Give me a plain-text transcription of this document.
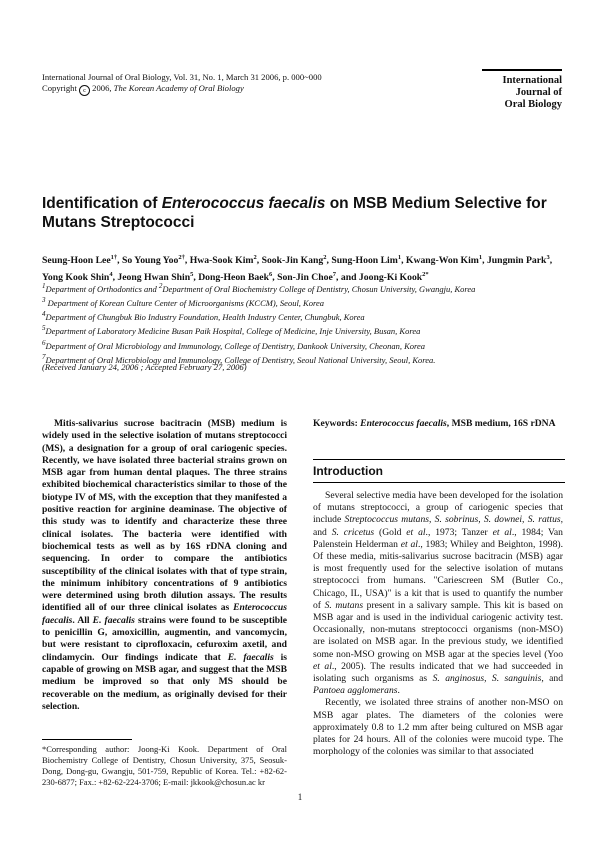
International Journal of Oral Biology, Vol. 31, No. 1, March 31 2006, p. 000~000
Copyright c 2006, The Korean Academy of Oral Biology
International
Journal of
Oral Biology
Identification of Enterococcus faecalis on MSB Medium Selective for Mutans Streptococci
Seung-Hoon Lee$^{1\dagger}$, So Young Yoo$^{2\dagger}$, Hwa-Sook Kim$^2$, Sook-Jin Kang$^2$, Sung-Hoon Lim$^1$, Kwang-Won Kim$^1$, Jungmin Park$^3$, Yong Kook Shin$^4$, Jeong Hwan Shin$^5$, Dong-Heon Baek$^6$, Son-Jin Choe$^7$, and Joong-Ki Kook$^{2*}$
$^1$Department of Orthodontics and $^2$Department of Oral Biochemistry College of Dentistry, Chosun University, Gwangju, Korea
$^3$ Department of Korean Culture Center of Microorganisms (KCCM), Seoul, Korea
$^4$Department of Chungbuk Bio Industry Foundation, Health Industry Center, Chungbuk, Korea
$^5$Department of Laboratory Medicine Busan Paik Hospital, College of Medicine, Inje University, Busan, Korea
$^6$Department of Oral Microbiology and Immunology, College of Dentistry, Dankook University, Cheonan, Korea
$^7$Department of Oral Microbiology and Immunology, College of Dentistry, Seoul National University, Seoul, Korea.
(Received January 24, 2006 ; Accepted February 27, 2006)
Mitis-salivarius sucrose bacitracin (MSB) medium is widely used in the selective isolation of mutans streptococci (MS), a designation for a group of oral cariogenic species. Recently, we have isolated three bacterial strains grown on MSB agar from human dental plaques. The three strains exhibited biochemical characteristics similar to those of the biotype IV of MS, with the exception that they manifested a positive reaction for arginine deaminase. The objective of this study was to identify and characterize these three clinical isolates. The bacteria were identified with biochemical tests as well as by 16S rDNA cloning and sequencing. In order to compare the antibiotics susceptibility of the clinical isolates with that of type strain, the minimum inhibitory concentrations of 9 antibiotics were determined using broth dilution assays. The results identified all of our three clinical isolates as Enterococcus faecalis. All E. faecalis strains were found to be susceptible to penicillin G, amoxicillin, augmentin, and vancomycin, but were resistant to ciprofloxacin, cefuroxim axetil, and clindamycin. Our findings indicate that E. faecalis is capable of growing on MSB agar, and suggest that the MSB medium be improved so that only MS should be recoverable on the medium, as originally devised for their selection.
*Corresponding author: Joong-Ki Kook. Department of Oral Biochemistry College of Dentistry, Chosun University, 375, Seosuk-Dong, Dong-gu, Gwangju, 501-759, Republic of Korea. Tel.: +82-62-230-6877; Fax.: +82-62-224-3706; E-mail: jkkook@chosun.ac kr
Keywords: Enterococcus faecalis, MSB medium, 16S rDNA
Introduction

Several selective media have been developed for the isolation of mutans streptococci, a group of cariogenic species that include Streptococcus mutans, S. sobrinus, S. downei, S. rattus, and S. cricetus (Gold et al., 1973; Tanzer et al., 1984; Van Palenstein Helderman et al., 1983; Whiley and Beighton, 1998). Of these media, mitis-salivarius sucrose bacitracin (MSB) agar is most frequently used for the selective isolation of mutans streptococci from humans. "Cariescreen SM (Butler Co., Chicago, IL, USA)" is a kit that is used to quantify the number of S. mutans present in a salivary sample. This kit is based on MSB agar and is used in the individual cariogenic activity test. Occasionally, non-mutans streptococci organisms (non-MSO) are isolated on MSB agar. In the previous study, we identified some non-MSO growing on MSB agar at the species level (Yoo et al., 2005). The results indicated that we had succeeded in isolating such organisms as S. anginosus, S. sanguinis, and Pantoea agglomerans.

Recently, we isolated three strains of another non-MSO on MSB agar plates. The diameters of the colonies were approximately 0.8 to 1.2 mm after being cultured on MSB agar plates for 24 hours. All of the colonies were mucoid type. The morphology of the colonies was similar to that associated

1
